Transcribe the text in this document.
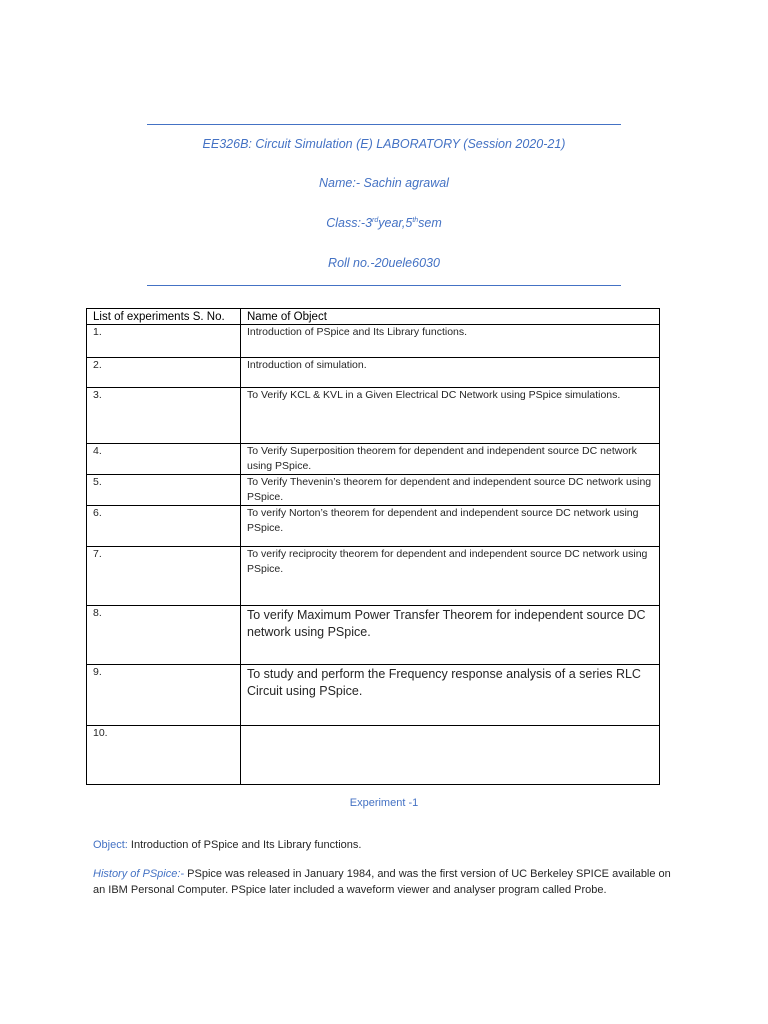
EE326B: Circuit Simulation (E) LABORATORY (Session 2020-21)
Name:- Sachin agrawal
Class:-3rdyear,5thsem
Roll no.-20uele6030
List of experiments S. No.	Name of Object
1.	Introduction of PSpice and Its Library functions.
2.	Introduction of simulation.
3.	To Verify KCL & KVL in a Given Electrical DC Network using PSpice simulations.
4.	To Verify Superposition theorem for dependent and independent source DC network using PSpice.
5.	To Verify Thevenin’s theorem for dependent and independent source DC network using PSpice.
6.	To verify Norton’s theorem for dependent and independent source DC network using PSpice.
7.	To verify reciprocity theorem for dependent and independent source DC network using PSpice.
8.	To verify Maximum Power Transfer Theorem for independent source DC network using PSpice.
9.	To study and perform the Frequency response analysis of a series RLC Circuit using PSpice.
10.	
Experiment -1
Object: Introduction of PSpice and Its Library functions.
History of PSpice:- PSpice was released in January 1984, and was the first version of UC Berkeley SPICE available on an IBM Personal Computer. PSpice later included a waveform viewer and analyser program called Probe.
